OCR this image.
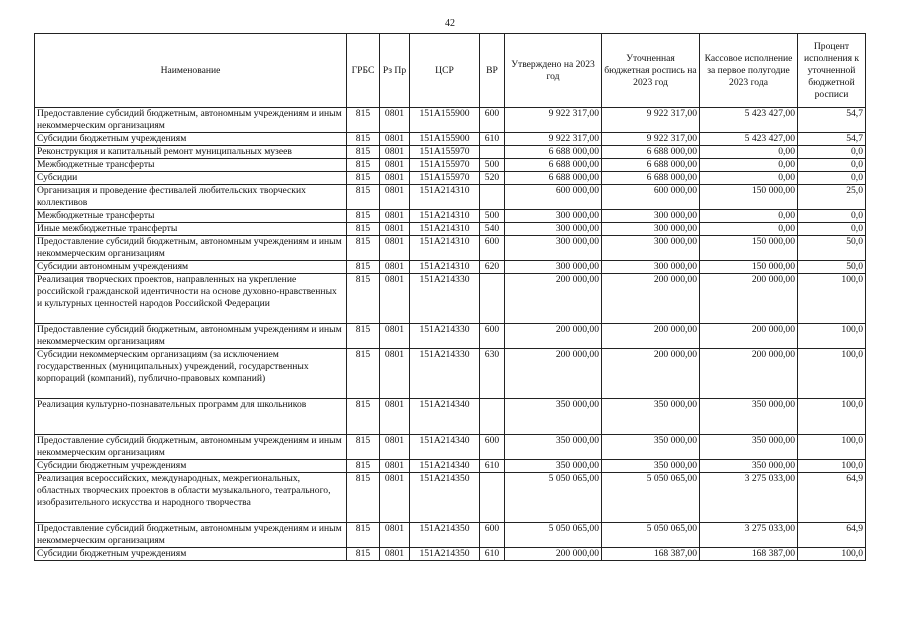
42
Наименование	ГРБС	Рз Пр	ЦСР	ВР	Утверждено на 2023 год	Уточненная бюджетная роспись на 2023 год	Кассовое исполнение за первое полугодие 2023 года	Процент исполнения к уточненной бюджетной росписи
Предоставление субсидий бюджетным, автономным учреждениям и иным некоммерческим организациям	815	0801	151A155900	600	9 922 317,00	9 922 317,00	5 423 427,00	54,7
Субсидии бюджетным учреждениям	815	0801	151A155900	610	9 922 317,00	9 922 317,00	5 423 427,00	54,7
Реконструкция и капитальный ремонт муниципальных музеев	815	0801	151A155970		6 688 000,00	6 688 000,00	0,00	0,0
Межбюджетные трансферты	815	0801	151A155970	500	6 688 000,00	6 688 000,00	0,00	0,0
Субсидии	815	0801	151A155970	520	6 688 000,00	6 688 000,00	0,00	0,0
Организация и проведение фестивалей любительских творческих коллективов	815	0801	151A214310		600 000,00	600 000,00	150 000,00	25,0
Межбюджетные трансферты	815	0801	151A214310	500	300 000,00	300 000,00	0,00	0,0
Иные межбюджетные трансферты	815	0801	151A214310	540	300 000,00	300 000,00	0,00	0,0
Предоставление субсидий бюджетным, автономным учреждениям и иным некоммерческим организациям	815	0801	151A214310	600	300 000,00	300 000,00	150 000,00	50,0
Субсидии автономным учреждениям	815	0801	151A214310	620	300 000,00	300 000,00	150 000,00	50,0
Реализация творческих проектов, направленных на укрепление российской гражданской идентичности на основе духовно-нравственных и культурных ценностей народов Российской Федерации	815	0801	151A214330		200 000,00	200 000,00	200 000,00	100,0
Предоставление субсидий бюджетным, автономным учреждениям и иным некоммерческим организациям	815	0801	151A214330	600	200 000,00	200 000,00	200 000,00	100,0
Субсидии некоммерческим организациям (за исключением государственных (муниципальных) учреждений, государственных корпораций (компаний), публично-правовых компаний)	815	0801	151A214330	630	200 000,00	200 000,00	200 000,00	100,0
Реализация культурно-познавательных программ для школьников	815	0801	151A214340		350 000,00	350 000,00	350 000,00	100,0
Предоставление субсидий бюджетным, автономным учреждениям и иным некоммерческим организациям	815	0801	151A214340	600	350 000,00	350 000,00	350 000,00	100,0
Субсидии бюджетным учреждениям	815	0801	151A214340	610	350 000,00	350 000,00	350 000,00	100,0
Реализация всероссийских, международных, межрегиональных, областных творческих проектов в области музыкального, театрального, изобразительного искусства и народного творчества	815	0801	151A214350		5 050 065,00	5 050 065,00	3 275 033,00	64,9
Предоставление субсидий бюджетным, автономным учреждениям и иным некоммерческим организациям	815	0801	151A214350	600	5 050 065,00	5 050 065,00	3 275 033,00	64,9
Субсидии бюджетным учреждениям	815	0801	151A214350	610	200 000,00	168 387,00	168 387,00	100,0
